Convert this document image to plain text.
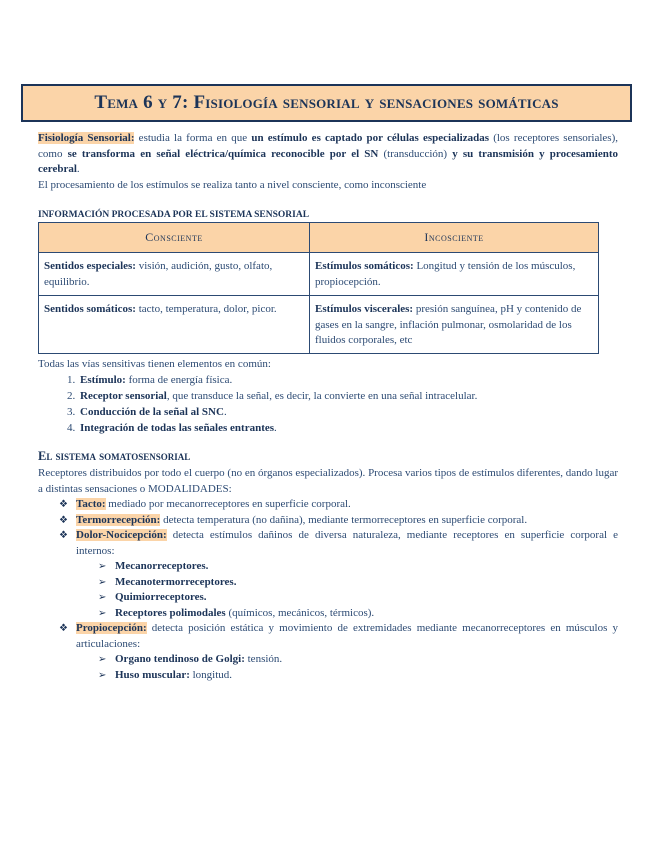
Tema 6 y 7: Fisiología sensorial y sensaciones somáticas

Fisiología Sensorial: estudia la forma en que un estímulo es captado por células especializadas (los receptores sensoriales), como se transforma en señal eléctrica/química reconocible por el SN (transducción) y su transmisión y procesamiento cerebral.

El procesamiento de los estímulos se realiza tanto a nivel consciente, como inconsciente

INFORMACIÓN PROCESADA POR EL SISTEMA SENSORIAL
Consciente	Incosciente
Sentidos especiales: visión, audición, gusto, olfato, equilibrio.	Estímulos somáticos: Longitud y tensión de los músculos, propiocepción.
Sentidos somáticos: tacto, temperatura, dolor, picor.	Estímulos viscerales: presión sanguínea, pH y contenido de gases en la sangre, inflación pulmonar, osmolaridad de los fluidos corporales, etc

Todas las vías sensitivas tienen elementos en común:

1. Estímulo: forma de energía física.
2. Receptor sensorial, que transduce la señal, es decir, la convierte en una señal intracelular.
3. Conducción de la señal al SNC.
4. Integración de todas las señales entrantes.
El sistema somatosensorial

Receptores distribuidos por todo el cuerpo (no en órganos especializados). Procesa varios tipos de estímulos diferentes, dando lugar a distintas sensaciones o MODALIDADES:

❖ Tacto: mediado por mecanorreceptores en superficie corporal.
❖ Termorrecepción: detecta temperatura (no dañina), mediante termorreceptores en superficie corporal.
❖ Dolor-Nocicepción: detecta estímulos dañinos de diversa naturaleza, mediante receptores en superficie corporal e internos:
➢ Mecanorreceptores.
➢ Mecanotermorreceptores.
➢ Quimiorreceptores.
➢ Receptores polimodales (químicos, mecánicos, térmicos).
❖ Propiocepción: detecta posición estática y movimiento de extremidades mediante mecanorreceptores en músculos y articulaciones:
➢ Organo tendinoso de Golgi: tensión.
➢ Huso muscular: longitud.
